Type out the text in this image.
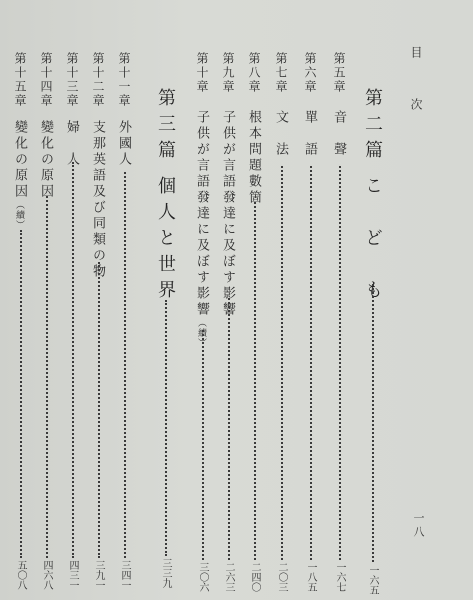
目　次
一八
第二篇こ　ど　も
一六五
第五章
音　聲
一六七
第六章
單　語
一八五
第七章
文　法
二〇三
第八章
根本問題數箇
二四〇
第九章
子供が言語發達に及ぼす影響
二六三
第十章
子供が言語發達に及ぼす影響（續）
三〇六
第三篇個人と世界
三三九
第十一章
外國人
三四一
第十二章
支那英語及び同類の物
三九一
第十三章
婦　人
四三一
第十四章
變化の原因
四六八
第十五章
變化の原因（續）
五〇八
